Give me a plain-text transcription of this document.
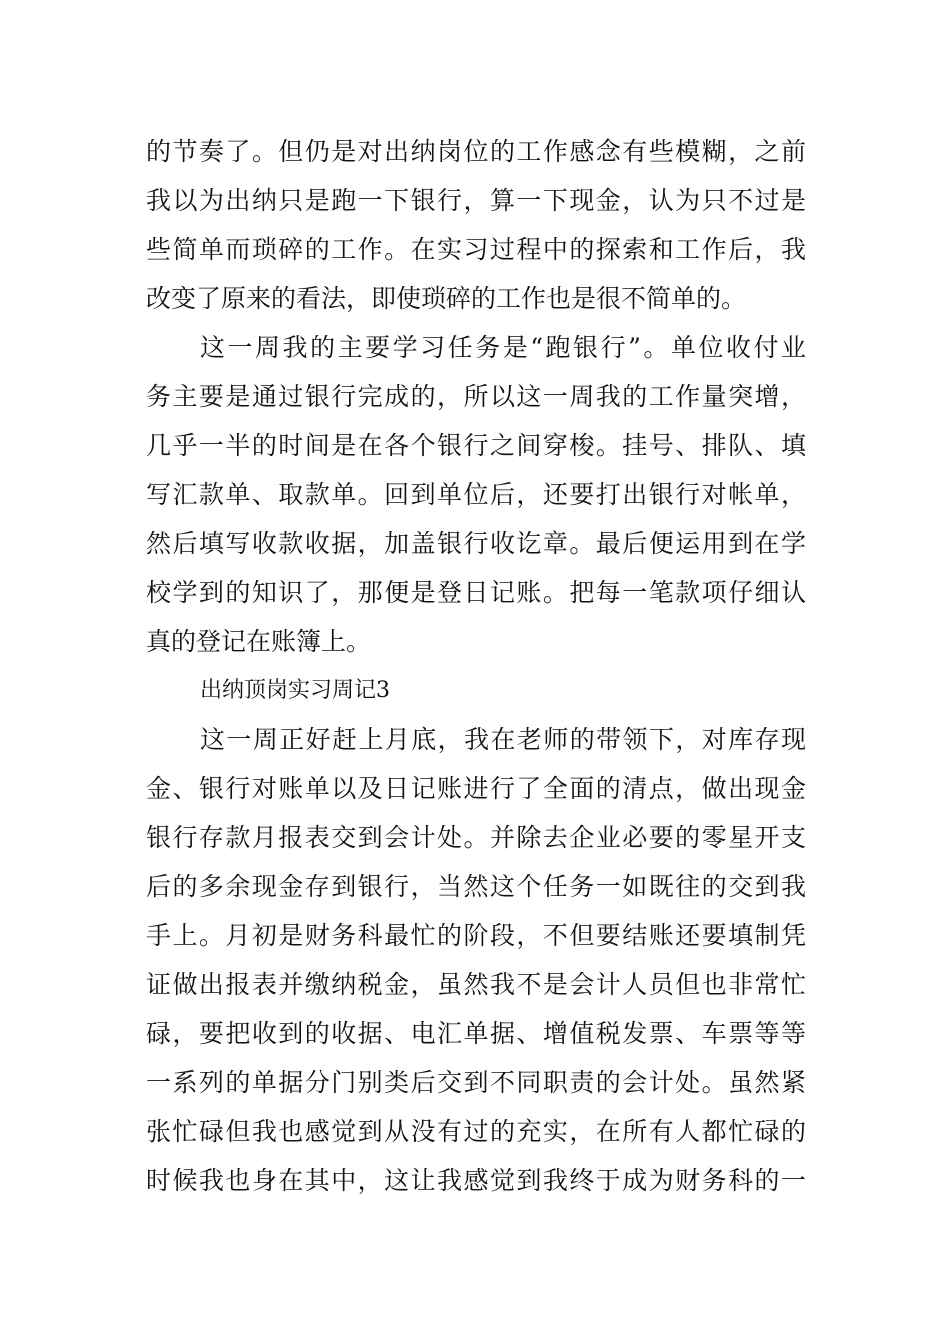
的节奏了。但仍是对出纳岗位的工作感念有些模糊，之前
我以为出纳只是跑一下银行，算一下现金，认为只不过是
些简单而琐碎的工作。在实习过程中的探索和工作后，我
改变了原来的看法，即使琐碎的工作也是很不简单的。
这一周我的主要学习任务是“跑银行”。单位收付业
务主要是通过银行完成的，所以这一周我的工作量突增，
几乎一半的时间是在各个银行之间穿梭。挂号、排队、填
写汇款单、取款单。回到单位后，还要打出银行对帐单，
然后填写收款收据，加盖银行收讫章。最后便运用到在学
校学到的知识了，那便是登日记账。把每一笔款项仔细认
真的登记在账簿上。
出纳顶岗实习周记3
这一周正好赶上月底，我在老师的带领下，对库存现
金、银行对账单以及日记账进行了全面的清点，做出现金
银行存款月报表交到会计处。并除去企业必要的零星开支
后的多余现金存到银行，当然这个任务一如既往的交到我
手上。月初是财务科最忙的阶段，不但要结账还要填制凭
证做出报表并缴纳税金，虽然我不是会计人员但也非常忙
碌，要把收到的收据、电汇单据、增值税发票、车票等等
一系列的单据分门别类后交到不同职责的会计处。虽然紧
张忙碌但我也感觉到从没有过的充实，在所有人都忙碌的
时候我也身在其中，这让我感觉到我终于成为财务科的一
